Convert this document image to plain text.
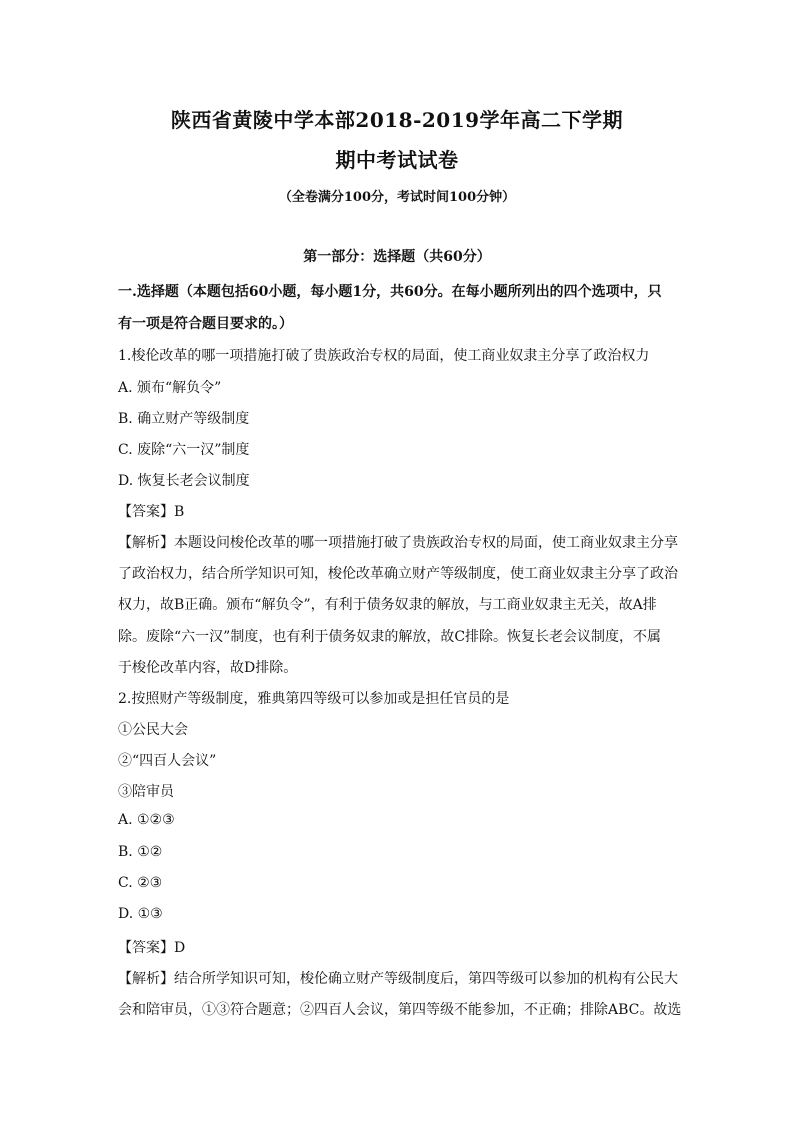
陕西省黄陵中学本部2018-2019学年高二下学期
期中考试试卷
（全卷满分100分，考试时间100分钟）
第一部分：选择题（共60分）
一.选择题（本题包括60小题，每小题1分，共60分。在每小题所列出的四个选项中，只
有一项是符合题目要求的。）
1.梭伦改革的哪一项措施打破了贵族政治专权的局面，使工商业奴隶主分享了政治权力
A. 颁布“解负令”
B. 确立财产等级制度
C. 废除“六一汉”制度
D. 恢复长老会议制度
【答案】B
【解析】本题设问梭伦改革的哪一项措施打破了贵族政治专权的局面，使工商业奴隶主分享
了政治权力，结合所学知识可知，梭伦改革确立财产等级制度，使工商业奴隶主分享了政治
权力，故B正确。颁布“解负令”，有利于债务奴隶的解放，与工商业奴隶主无关，故A排
除。废除“六一汉”制度，也有利于债务奴隶的解放，故C排除。恢复长老会议制度，不属
于梭伦改革内容，故D排除。
2.按照财产等级制度，雅典第四等级可以参加或是担任官员的是
①公民大会
②“四百人会议”
③陪审员
A. ①②③
B. ①②
C. ②③
D. ①③
【答案】D
【解析】结合所学知识可知，梭伦确立财产等级制度后，第四等级可以参加的机构有公民大
会和陪审员，①③符合题意；②四百人会议，第四等级不能参加，不正确；排除ABC。故选
